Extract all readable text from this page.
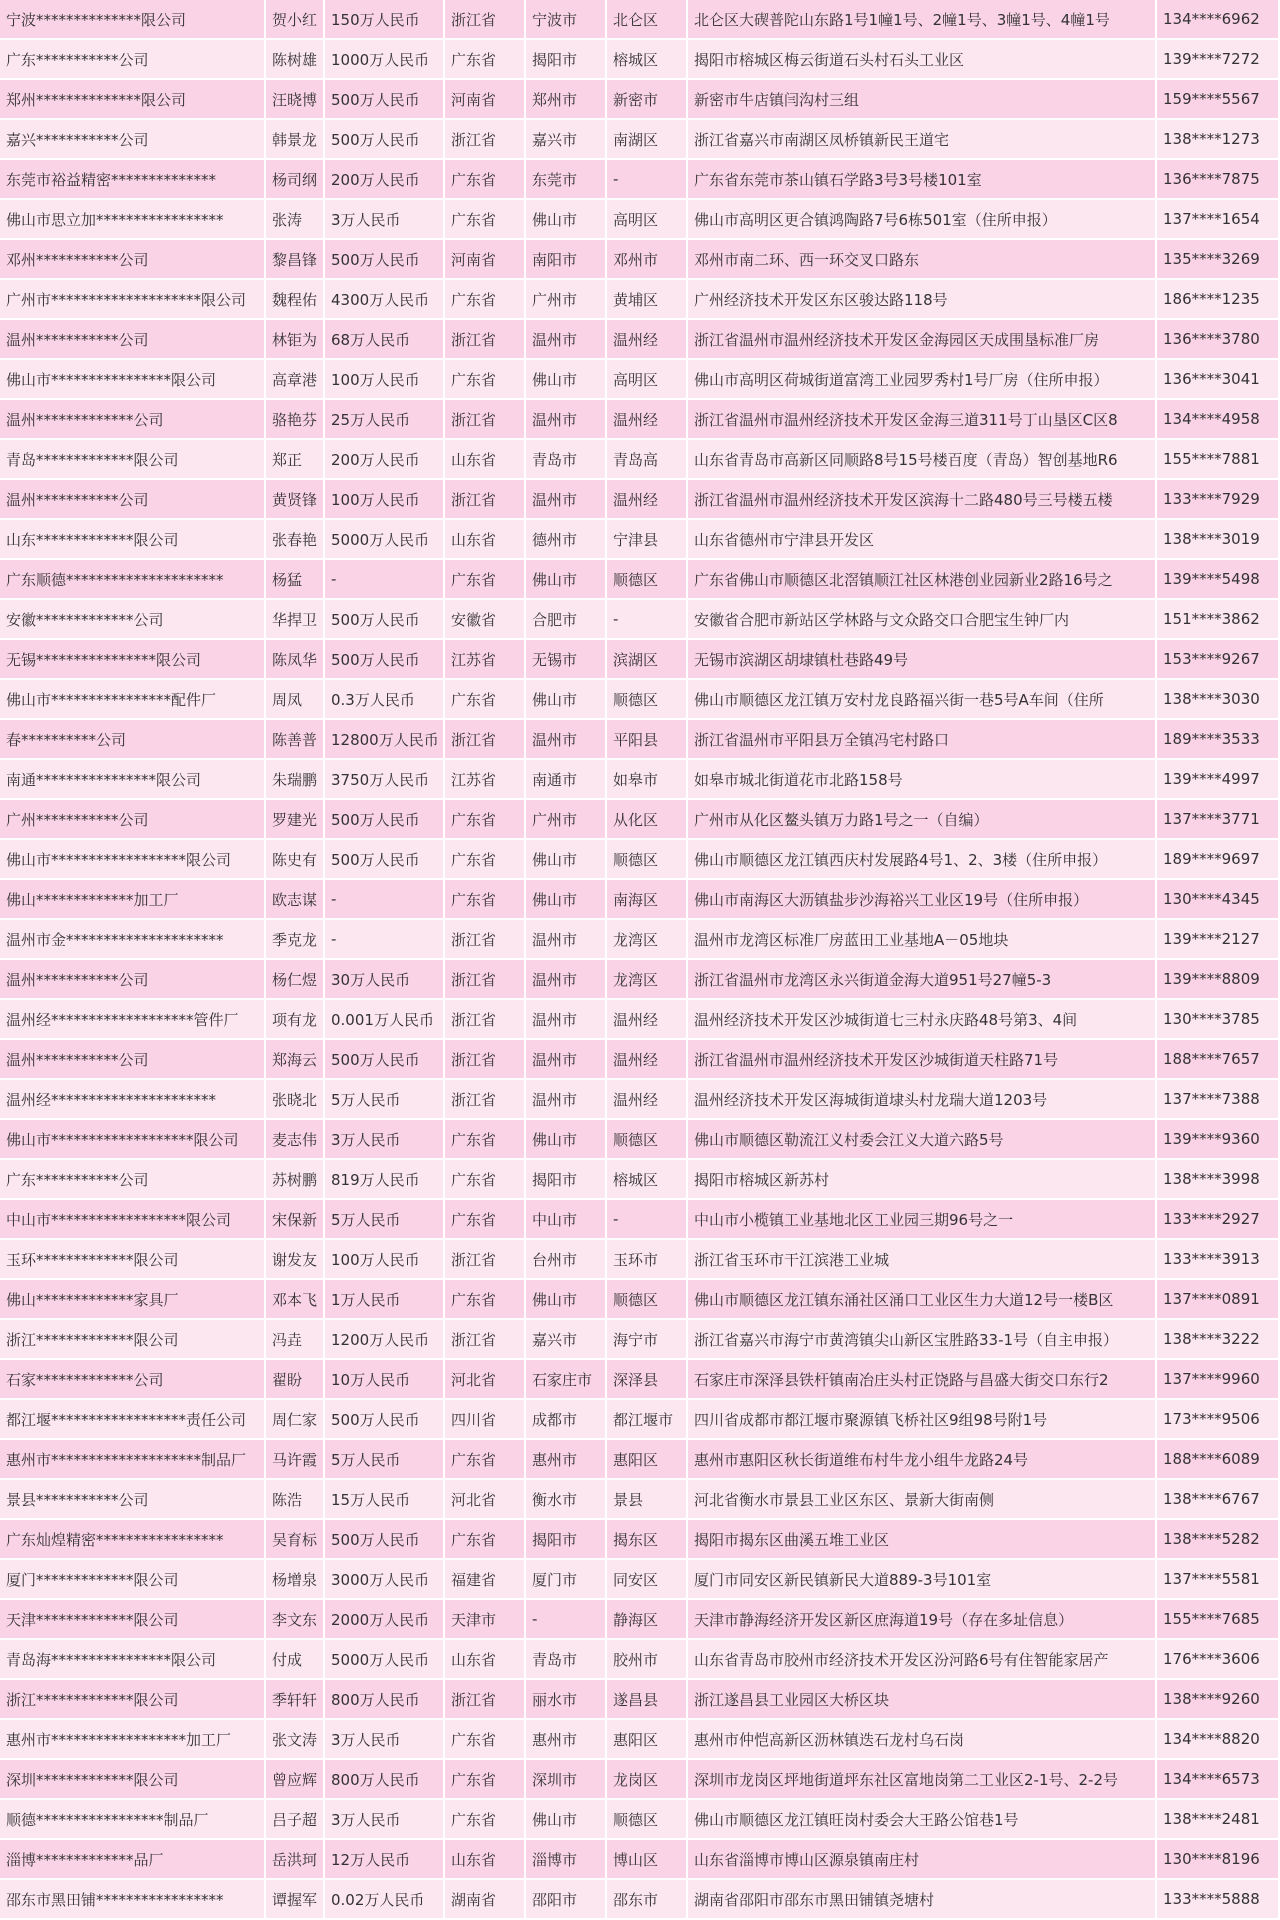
宁波**************限公司	贺小红	150万人民币	浙江省	宁波市	北仑区	北仑区大碶普陀山东路1号1幢1号、2幢1号、3幢1号、4幢1号	134****6962
广东***********公司	陈树雄	1000万人民币	广东省	揭阳市	榕城区	揭阳市榕城区梅云街道石头村石头工业区	139****7272
郑州**************限公司	汪晓博	500万人民币	河南省	郑州市	新密市	新密市牛店镇闫沟村三组	159****5567
嘉兴***********公司	韩景龙	500万人民币	浙江省	嘉兴市	南湖区	浙江省嘉兴市南湖区凤桥镇新民王道宅	138****1273
东莞市裕益精密**************	杨司纲	200万人民币	广东省	东莞市	-	广东省东莞市茶山镇石学路3号3号楼101室	136****7875
佛山市思立加*****************	张涛	3万人民币	广东省	佛山市	高明区	佛山市高明区更合镇鸿陶路7号6栋501室（住所申报）	137****1654
邓州***********公司	黎昌锋	500万人民币	河南省	南阳市	邓州市	邓州市南二环、西一环交叉口路东	135****3269
广州市********************限公司	魏程佑	4300万人民币	广东省	广州市	黄埔区	广州经济技术开发区东区骏达路118号	186****1235
温州***********公司	林钜为	68万人民币	浙江省	温州市	温州经	浙江省温州市温州经济技术开发区金海园区天成围垦标准厂房	136****3780
佛山市****************限公司	高章港	100万人民币	广东省	佛山市	高明区	佛山市高明区荷城街道富湾工业园罗秀村1号厂房（住所申报）	136****3041
温州*************公司	骆艳芬	25万人民币	浙江省	温州市	温州经	浙江省温州市温州经济技术开发区金海三道311号丁山垦区C区8	134****4958
青岛*************限公司	郑正	200万人民币	山东省	青岛市	青岛高	山东省青岛市高新区同顺路8号15号楼百度（青岛）智创基地R6	155****7881
温州***********公司	黄贤锋	100万人民币	浙江省	温州市	温州经	浙江省温州市温州经济技术开发区滨海十二路480号三号楼五楼	133****7929
山东*************限公司	张春艳	5000万人民币	山东省	德州市	宁津县	山东省德州市宁津县开发区	138****3019
广东顺德*********************	杨猛	-	广东省	佛山市	顺德区	广东省佛山市顺德区北滘镇顺江社区林港创业园新业2路16号之	139****5498
安徽*************公司	华捍卫	500万人民币	安徽省	合肥市	-	安徽省合肥市新站区学林路与文众路交口合肥宝生钟厂内	151****3862
无锡****************限公司	陈凤华	500万人民币	江苏省	无锡市	滨湖区	无锡市滨湖区胡埭镇杜巷路49号	153****9267
佛山市****************配件厂	周凤	0.3万人民币	广东省	佛山市	顺德区	佛山市顺德区龙江镇万安村龙良路福兴街一巷5号A车间（住所	138****3030
春**********公司	陈善普	12800万人民币	浙江省	温州市	平阳县	浙江省温州市平阳县万全镇冯宅村路口	189****3533
南通****************限公司	朱瑞鹏	3750万人民币	江苏省	南通市	如皋市	如皋市城北街道花市北路158号	139****4997
广州***********公司	罗建光	500万人民币	广东省	广州市	从化区	广州市从化区鳌头镇万力路1号之一（自编）	137****3771
佛山市******************限公司	陈史有	500万人民币	广东省	佛山市	顺德区	佛山市顺德区龙江镇西庆村发展路4号1、2、3楼（住所申报）	189****9697
佛山*************加工厂	欧志谋	-	广东省	佛山市	南海区	佛山市南海区大沥镇盐步沙海裕兴工业区19号（住所申报）	130****4345
温州市金*********************	季克龙	-	浙江省	温州市	龙湾区	温州市龙湾区标准厂房蓝田工业基地A－05地块	139****2127
温州***********公司	杨仁煜	30万人民币	浙江省	温州市	龙湾区	浙江省温州市龙湾区永兴街道金海大道951号27幢5-3	139****8809
温州经*******************管件厂	项有龙	0.001万人民币	浙江省	温州市	温州经	温州经济技术开发区沙城街道七三村永庆路48号第3、4间	130****3785
温州***********公司	郑海云	500万人民币	浙江省	温州市	温州经	浙江省温州市温州经济技术开发区沙城街道天柱路71号	188****7657
温州经**********************	张晓北	5万人民币	浙江省	温州市	温州经	温州经济技术开发区海城街道埭头村龙瑞大道1203号	137****7388
佛山市*******************限公司	麦志伟	3万人民币	广东省	佛山市	顺德区	佛山市顺德区勒流江义村委会江义大道六路5号	139****9360
广东***********公司	苏树鹏	819万人民币	广东省	揭阳市	榕城区	揭阳市榕城区新苏村	138****3998
中山市******************限公司	宋保新	5万人民币	广东省	中山市	-	中山市小榄镇工业基地北区工业园三期96号之一	133****2927
玉环*************限公司	谢发友	100万人民币	浙江省	台州市	玉环市	浙江省玉环市干江滨港工业城	133****3913
佛山*************家具厂	邓本飞	1万人民币	广东省	佛山市	顺德区	佛山市顺德区龙江镇东涌社区涌口工业区生力大道12号一楼B区	137****0891
浙江*************限公司	冯垚	1200万人民币	浙江省	嘉兴市	海宁市	浙江省嘉兴市海宁市黄湾镇尖山新区宝胜路33-1号（自主申报）	138****3222
石家*************公司	翟盼	10万人民币	河北省	石家庄市	深泽县	石家庄市深泽县铁杆镇南冶庄头村正饶路与昌盛大街交口东行2	137****9960
都江堰******************责任公司	周仁家	500万人民币	四川省	成都市	都江堰市	四川省成都市都江堰市聚源镇飞桥社区9组98号附1号	173****9506
惠州市********************制品厂	马许霞	5万人民币	广东省	惠州市	惠阳区	惠州市惠阳区秋长街道维布村牛龙小组牛龙路24号	188****6089
景县***********公司	陈浩	15万人民币	河北省	衡水市	景县	河北省衡水市景县工业区东区、景新大街南侧	138****6767
广东灿煌精密*****************	吴育标	500万人民币	广东省	揭阳市	揭东区	揭阳市揭东区曲溪五堆工业区	138****5282
厦门*************限公司	杨增泉	3000万人民币	福建省	厦门市	同安区	厦门市同安区新民镇新民大道889-3号101室	137****5581
天津*************限公司	李文东	2000万人民币	天津市	-	静海区	天津市静海经济开发区新区庶海道19号（存在多址信息）	155****7685
青岛海****************限公司	付成	5000万人民币	山东省	青岛市	胶州市	山东省青岛市胶州市经济技术开发区汾河路6号有住智能家居产	176****3606
浙江*************限公司	季轩轩	800万人民币	浙江省	丽水市	遂昌县	浙江遂昌县工业园区大桥区块	138****9260
惠州市******************加工厂	张文涛	3万人民币	广东省	惠州市	惠阳区	惠州市仲恺高新区沥林镇迭石龙村乌石岗	134****8820
深圳*************限公司	曾应辉	800万人民币	广东省	深圳市	龙岗区	深圳市龙岗区坪地街道坪东社区富地岗第二工业区2-1号、2-2号	134****6573
顺德*****************制品厂	吕子超	3万人民币	广东省	佛山市	顺德区	佛山市顺德区龙江镇旺岗村委会大王路公馆巷1号	138****2481
淄博*************品厂	岳洪珂	12万人民币	山东省	淄博市	博山区	山东省淄博市博山区源泉镇南庄村	130****8196
邵东市黑田铺*****************	谭握军	0.02万人民币	湖南省	邵阳市	邵东市	湖南省邵阳市邵东市黑田铺镇尧塘村	133****5888
